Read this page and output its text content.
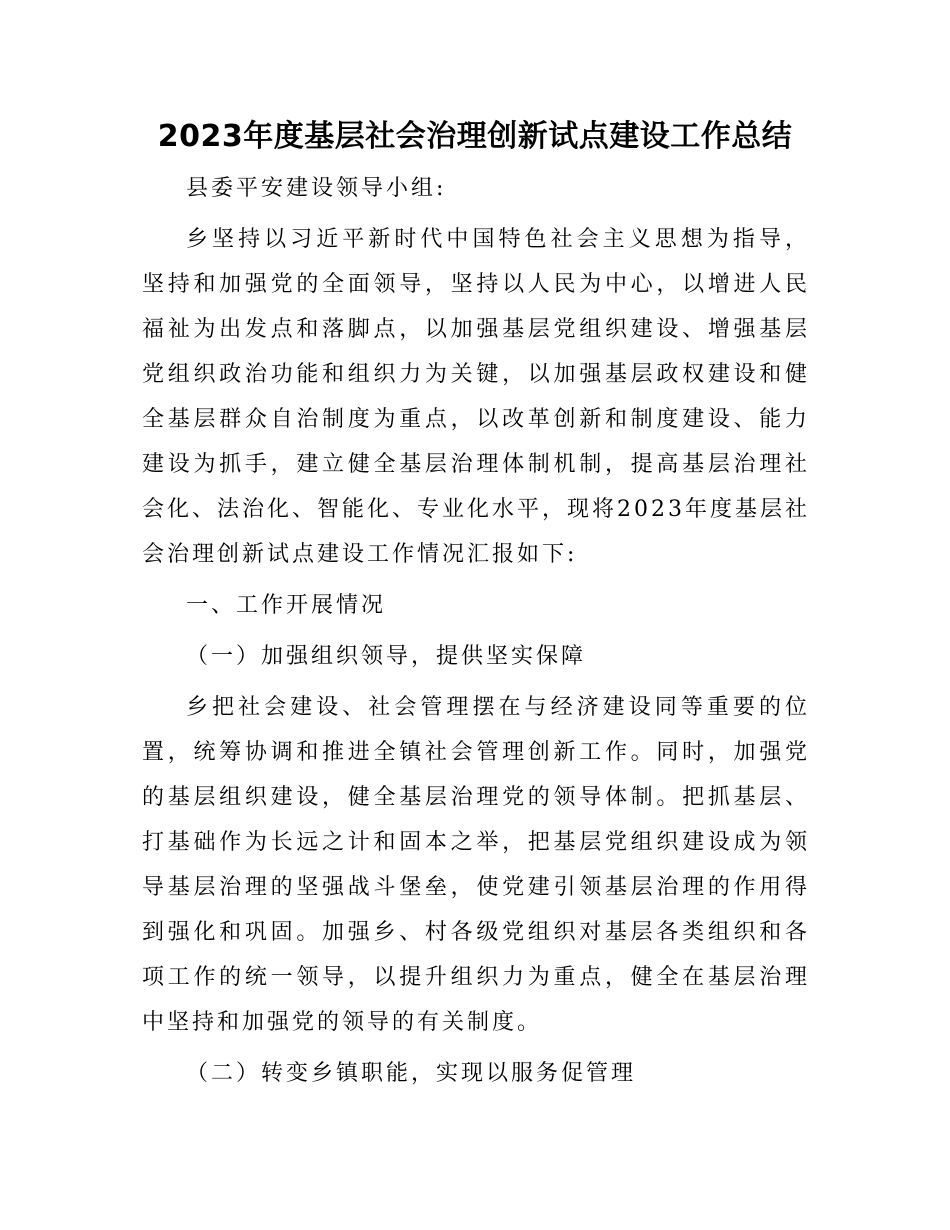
2023年度基层社会治理创新试点建设工作总结

县委平安建设领导小组:

乡坚持以习近平新时代中国特色社会主义思想为指导，坚持和加强党的全面领导，坚持以人民为中心，以增进人民福祉为出发点和落脚点，以加强基层党组织建设、增强基层党组织政治功能和组织力为关键，以加强基层政权建设和健全基层群众自治制度为重点，以改革创新和制度建设、能力建设为抓手，建立健全基层治理体制机制，提高基层治理社会化、法治化、智能化、专业化水平，现将2023年度基层社会治理创新试点建设工作情况汇报如下:

一、工作开展情况

（一）加强组织领导，提供坚实保障

乡把社会建设、社会管理摆在与经济建设同等重要的位置，统筹协调和推进全镇社会管理创新工作。同时，加强党的基层组织建设，健全基层治理党的领导体制。把抓基层、打基础作为长远之计和固本之举，把基层党组织建设成为领导基层治理的坚强战斗堡垒，使党建引领基层治理的作用得到强化和巩固。加强乡、村各级党组织对基层各类组织和各项工作的统一领导，以提升组织力为重点，健全在基层治理中坚持和加强党的领导的有关制度。

（二）转变乡镇职能，实现以服务促管理
